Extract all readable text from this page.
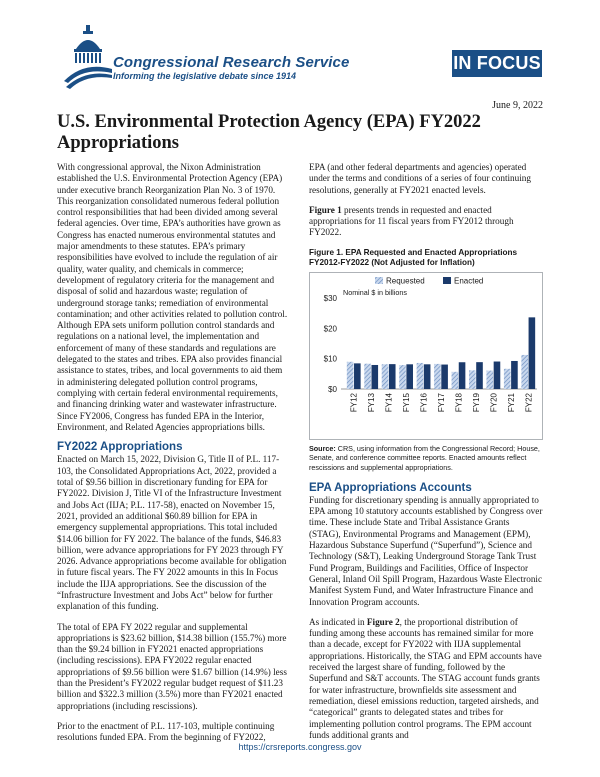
Congressional Research Service
Informing the legislative debate since 1914
IN FOCUS
June 9, 2022
U.S. Environmental Protection Agency (EPA) FY2022 Appropriations

With congressional approval, the Nixon Administration established the U.S. Environmental Protection Agency (EPA) under executive branch Reorganization Plan No. 3 of 1970. This reorganization consolidated numerous federal pollution control responsibilities that had been divided among several federal agencies. Over time, EPA’s authorities have grown as Congress has enacted numerous environmental statutes and major amendments to these statutes. EPA’s primary responsibilities have evolved to include the regulation of air quality, water quality, and chemicals in commerce; development of regulatory criteria for the management and disposal of solid and hazardous waste; regulation of underground storage tanks; remediation of environmental contamination; and other activities related to pollution control. Although EPA sets uniform pollution control standards and regulations on a national level, the implementation and enforcement of many of these standards and regulations are delegated to the states and tribes. EPA also provides financial assistance to states, tribes, and local governments to aid them in administering delegated pollution control programs, complying with certain federal environmental requirements, and financing drinking water and wastewater infrastructure. Since FY2006, Congress has funded EPA in the Interior, Environment, and Related Agencies appropriations bills.

FY2022 Appropriations

Enacted on March 15, 2022, Division G, Title II of P.L. 117-103, the Consolidated Appropriations Act, 2022, provided a total of $9.56 billion in discretionary funding for EPA for FY2022. Division J, Title VI of the Infrastructure Investment and Jobs Act (IIJA; P.L. 117-58), enacted on November 15, 2021, provided an additional $60.89 billion for EPA in emergency supplemental appropriations. This total included $14.06 billion for FY 2022. The balance of the funds, $46.83 billion, were advance appropriations for FY 2023 through FY 2026. Advance appropriations become available for obligation in future fiscal years. The FY 2022 amounts in this In Focus include the IIJA appropriations. See the discussion of the “Infrastructure Investment and Jobs Act” below for further explanation of this funding.

The total of EPA FY 2022 regular and supplemental appropriations is $23.62 billion, $14.38 billion (155.7%) more than the $9.24 billion in FY2021 enacted appropriations (including rescissions). EPA FY2022 regular enacted appropriations of $9.56 billion were $1.67 billion (14.9%) less than the President’s FY2022 regular budget request of $11.23 billion and $322.3 million (3.5%) more than FY2021 enacted appropriations (including rescissions).

Prior to the enactment of P.L. 117-103, multiple continuing resolutions funded EPA. From the beginning of FY2022,

EPA (and other federal departments and agencies) operated under the terms and conditions of a series of four continuing resolutions, generally at FY2021 enacted levels.

Figure 1 presents trends in requested and enacted appropriations for 11 fiscal years from FY2012 through FY2022.

Figure 1. EPA Requested and Enacted Appropriations
FY2012-FY2022 (Not Adjusted for Inflation)
Requested	Enacted
Nominal $ in billions
$0
$10
$20
$30
FY12 FY13 FY14 FY15 FY16 FY17 FY18 FY19 FY20 FY21 FY22
Source: CRS, using information from the Congressional Record; House, Senate, and conference committee reports. Enacted amounts reflect rescissions and supplemental appropriations.
EPA Appropriations Accounts

Funding for discretionary spending is annually appropriated to EPA among 10 statutory accounts established by Congress over time. These include State and Tribal Assistance Grants (STAG), Environmental Programs and Management (EPM), Hazardous Substance Superfund (“Superfund”), Science and Technology (S&T), Leaking Underground Storage Tank Trust Fund Program, Buildings and Facilities, Office of Inspector General, Inland Oil Spill Program, Hazardous Waste Electronic Manifest System Fund, and Water Infrastructure Finance and Innovation Program accounts.

As indicated in Figure 2, the proportional distribution of funding among these accounts has remained similar for more than a decade, except for FY2022 with IIJA supplemental appropriations. Historically, the STAG and EPM accounts have received the largest share of funding, followed by the Superfund and S&T accounts. The STAG account funds grants for water infrastructure, brownfields site assessment and remediation, diesel emissions reduction, targeted airsheds, and “categorical” grants to delegated states and tribes for implementing pollution control programs. The EPM account funds additional grants and

https://crsreports.congress.gov
